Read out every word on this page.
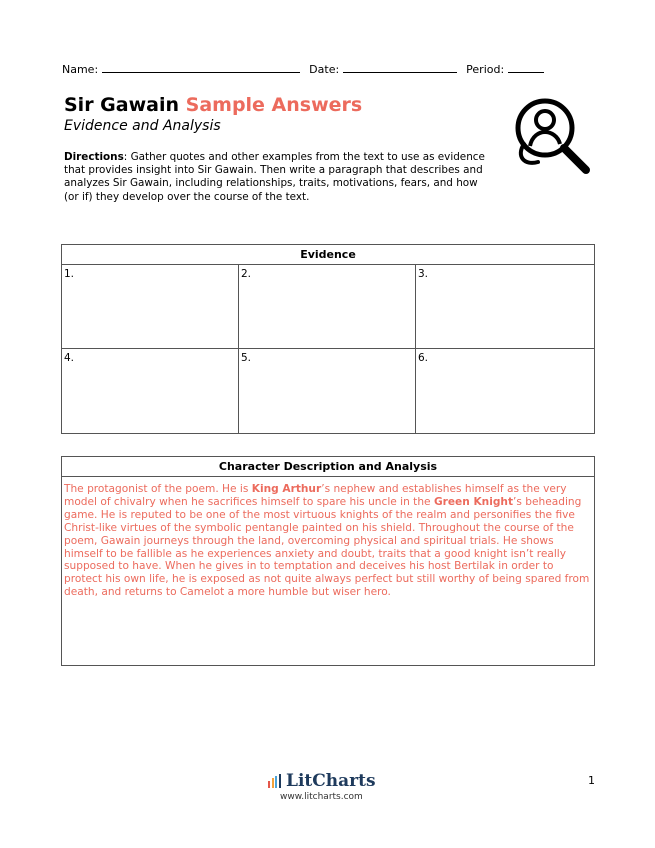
Name:	Date:	Period:
Sir Gawain Sample Answers
Evidence and Analysis
Directions: Gather quotes and other examples from the text to use as evidence that provides insight into Sir Gawain. Then write a paragraph that describes and analyzes Sir Gawain, including relationships, traits, motivations, fears, and how (or if) they develop over the course of the text.
Evidence
1.	2.	3.
4.	5.	6.
Character Description and Analysis
The protagonist of the poem. He is King Arthur’s nephew and establishes himself as the very model of chivalry when he sacrifices himself to spare his uncle in the Green Knight’s beheading game. He is reputed to be one of the most virtuous knights of the realm and personifies the five Christ-like virtues of the symbolic pentangle painted on his shield. Throughout the course of the poem, Gawain journeys through the land, overcoming physical and spiritual trials. He shows himself to be fallible as he experiences anxiety and doubt, traits that a good knight isn’t really supposed to have. When he gives in to temptation and deceives his host Bertilak in order to protect his own life, he is exposed as not quite always perfect but still worthy of being spared from death, and returns to Camelot a more humble but wiser hero.
LitCharts
www.litcharts.com
1
